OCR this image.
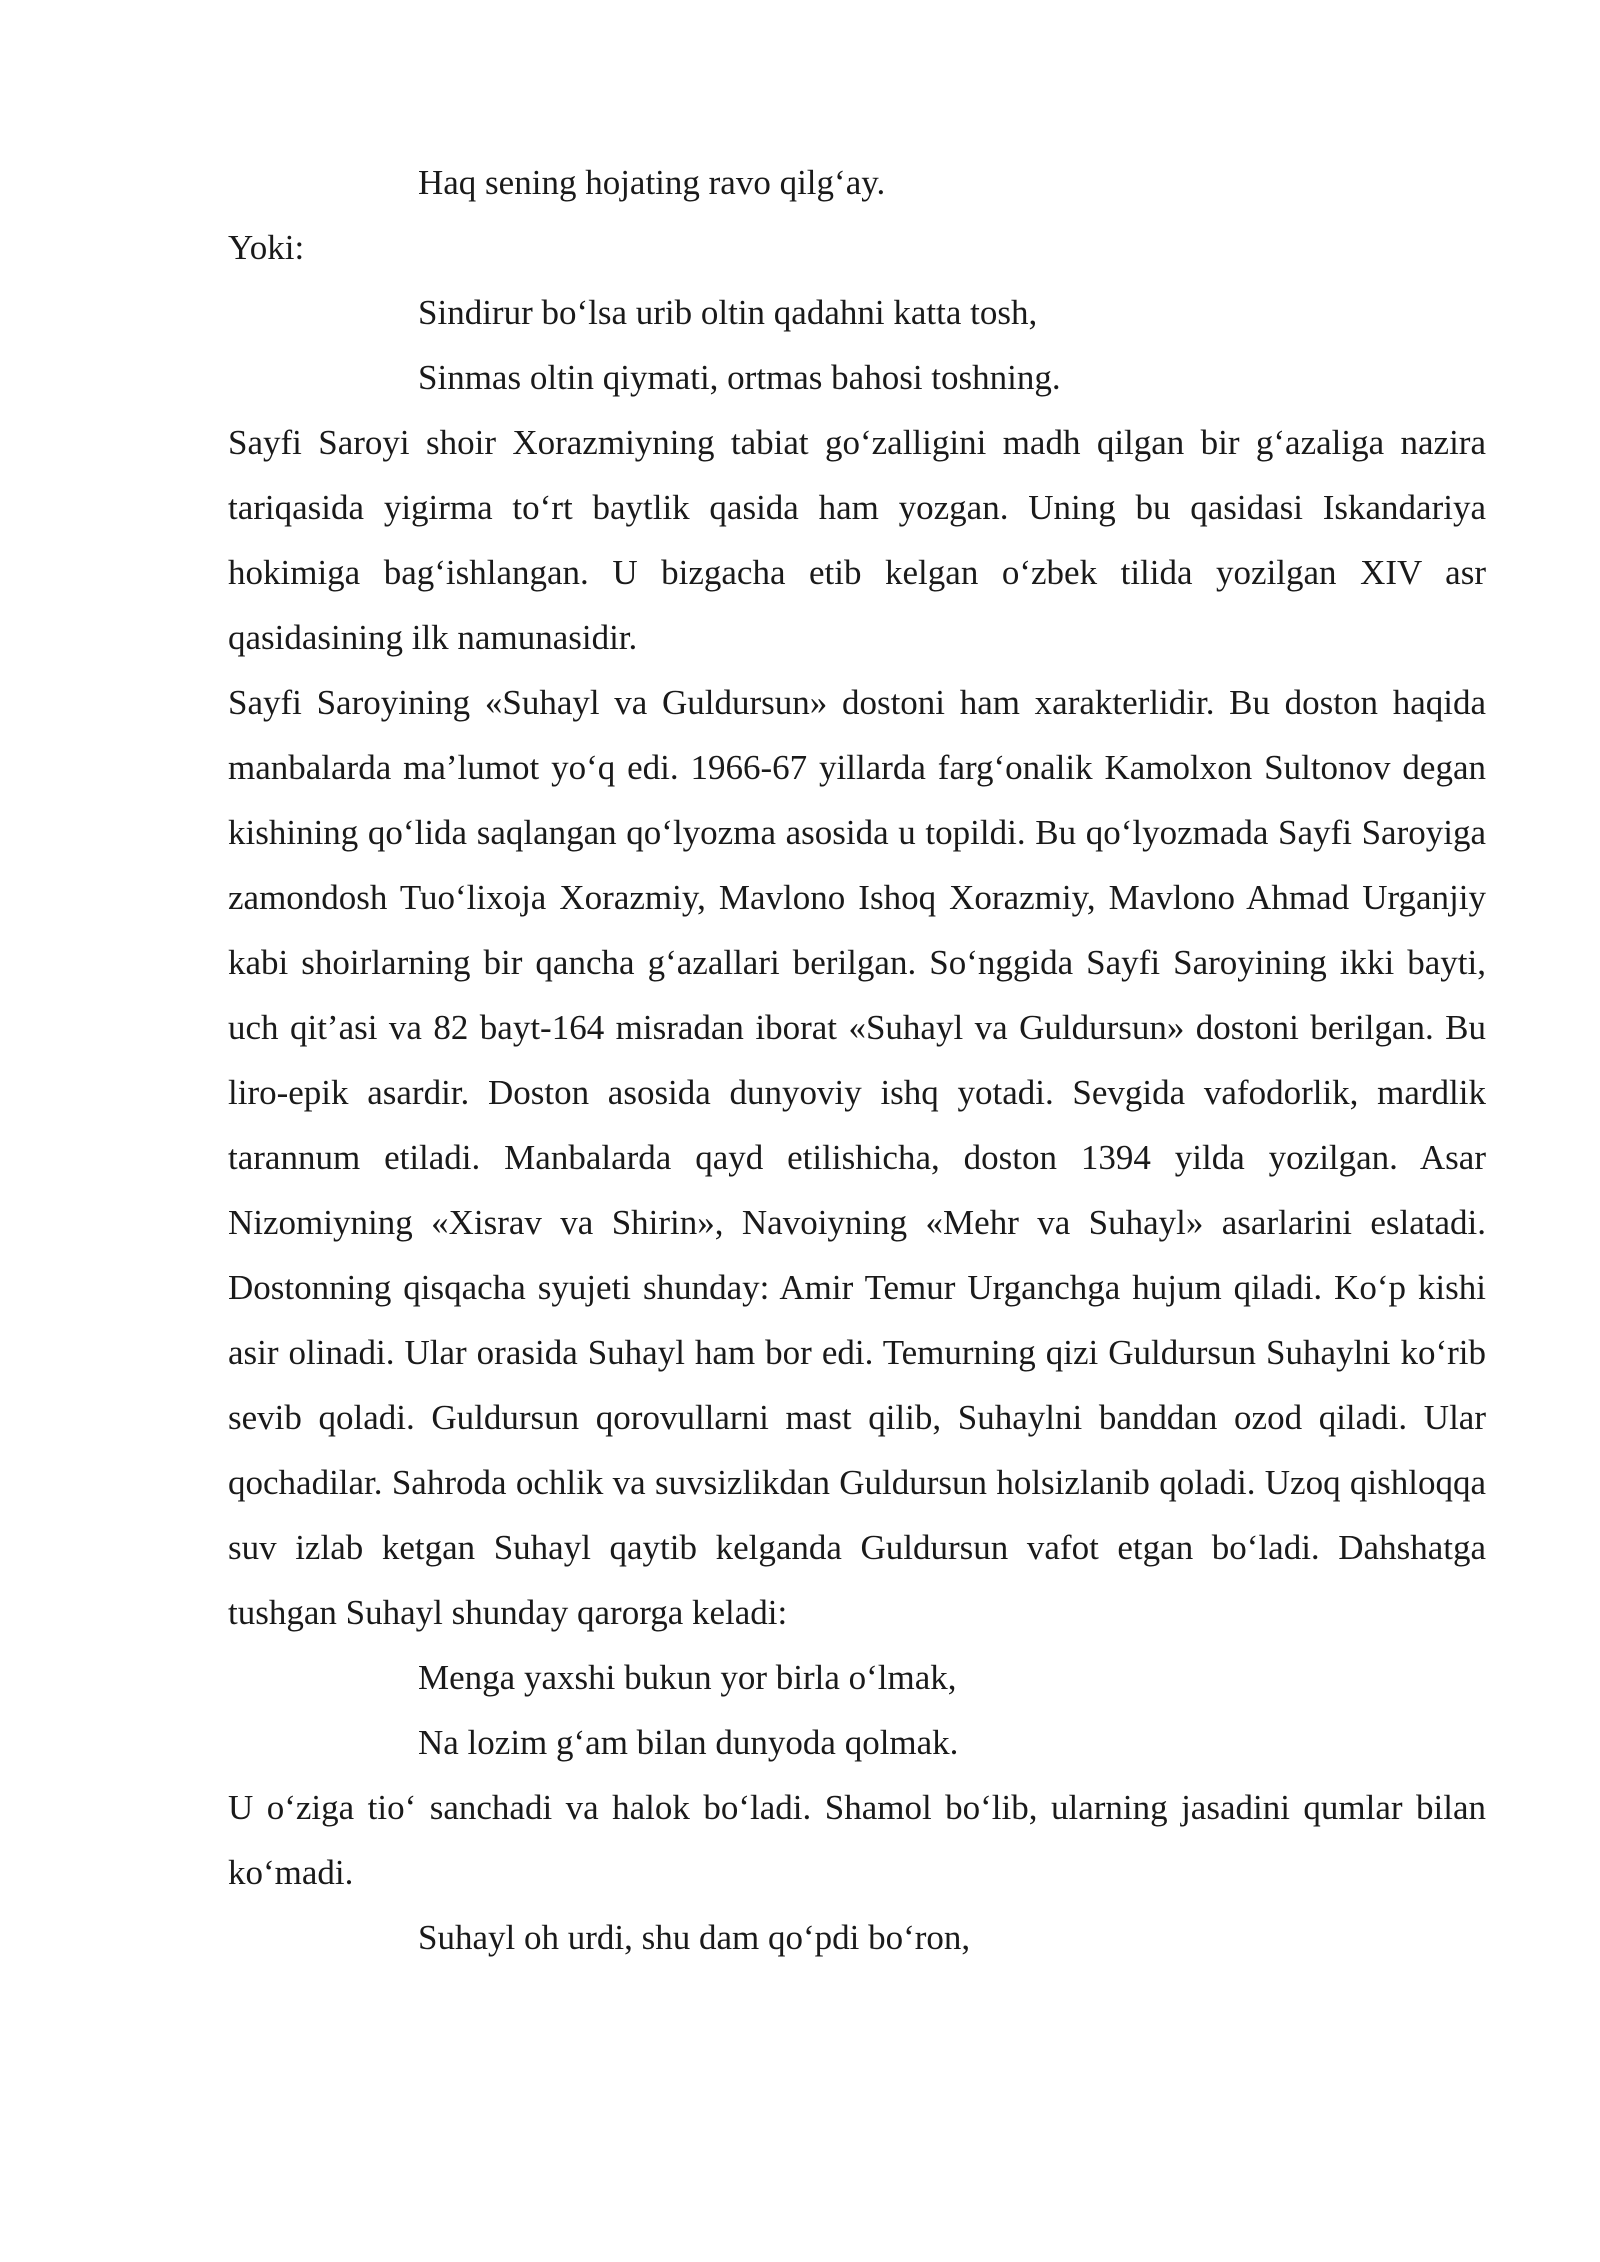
Haq sening hojating ravo qilg‘ay.
Yoki:
Sindirur bo‘lsa urib oltin qadahni katta tosh,
Sinmas oltin qiymati, ortmas bahosi toshning.

Sayfi Saroyi shoir Xorazmiyning tabiat go‘zalligini madh qilgan bir g‘azaliga nazira tariqasida yigirma to‘rt baytlik qasida ham yozgan. Uning bu qasidasi Iskandariya hokimiga bag‘ishlangan. U bizgacha etib kelgan o‘zbek tilida yozilgan XIV asr qasidasining ilk namunasidir.

Sayfi Saroyining «Suhayl va Guldursun» dostoni ham xarakterlidir. Bu doston haqida manbalarda ma’lumot yo‘q edi. 1966-67 yillarda farg‘onalik Kamolxon Sultonov degan kishining qo‘lida saqlangan qo‘lyozma asosida u topildi. Bu qo‘lyozmada Sayfi Saroyiga zamondosh Tuo‘lixoja Xorazmiy, Mavlono Ishoq Xorazmiy, Mavlono Ahmad Urganjiy kabi shoirlarning bir qancha g‘azallari berilgan. So‘nggida Sayfi Saroyining ikki bayti, uch qit’asi va 82 bayt-164 misradan iborat «Suhayl va Guldursun» dostoni berilgan. Bu liro-epik asardir. Doston asosida dunyoviy ishq yotadi. Sevgida vafodorlik, mardlik tarannum etiladi. Manbalarda qayd etilishicha, doston 1394 yilda yozilgan. Asar Nizomiyning «Xisrav va Shirin», Navoiyning «Mehr va Suhayl» asarlarini eslatadi. Dostonning qisqacha syujeti shunday: Amir Temur Urganchga hujum qiladi. Ko‘p kishi asir olinadi. Ular orasida Suhayl ham bor edi. Temurning qizi Guldursun Suhaylni ko‘rib sevib qoladi. Guldursun qorovullarni mast qilib, Suhaylni banddan ozod qiladi. Ular qochadilar. Sahroda ochlik va suvsizlikdan Guldursun holsizlanib qoladi. Uzoq qishloqqa suv izlab ketgan Suhayl qaytib kelganda Guldursun vafot etgan bo‘ladi. Dahshatga tushgan Suhayl shunday qarorga keladi:

Menga yaxshi bukun yor birla o‘lmak,
Na lozim g‘am bilan dunyoda qolmak.

U o‘ziga tio‘ sanchadi va halok bo‘ladi. Shamol bo‘lib, ularning jasadini qumlar bilan ko‘madi.

Suhayl oh urdi, shu dam qo‘pdi bo‘ron,
